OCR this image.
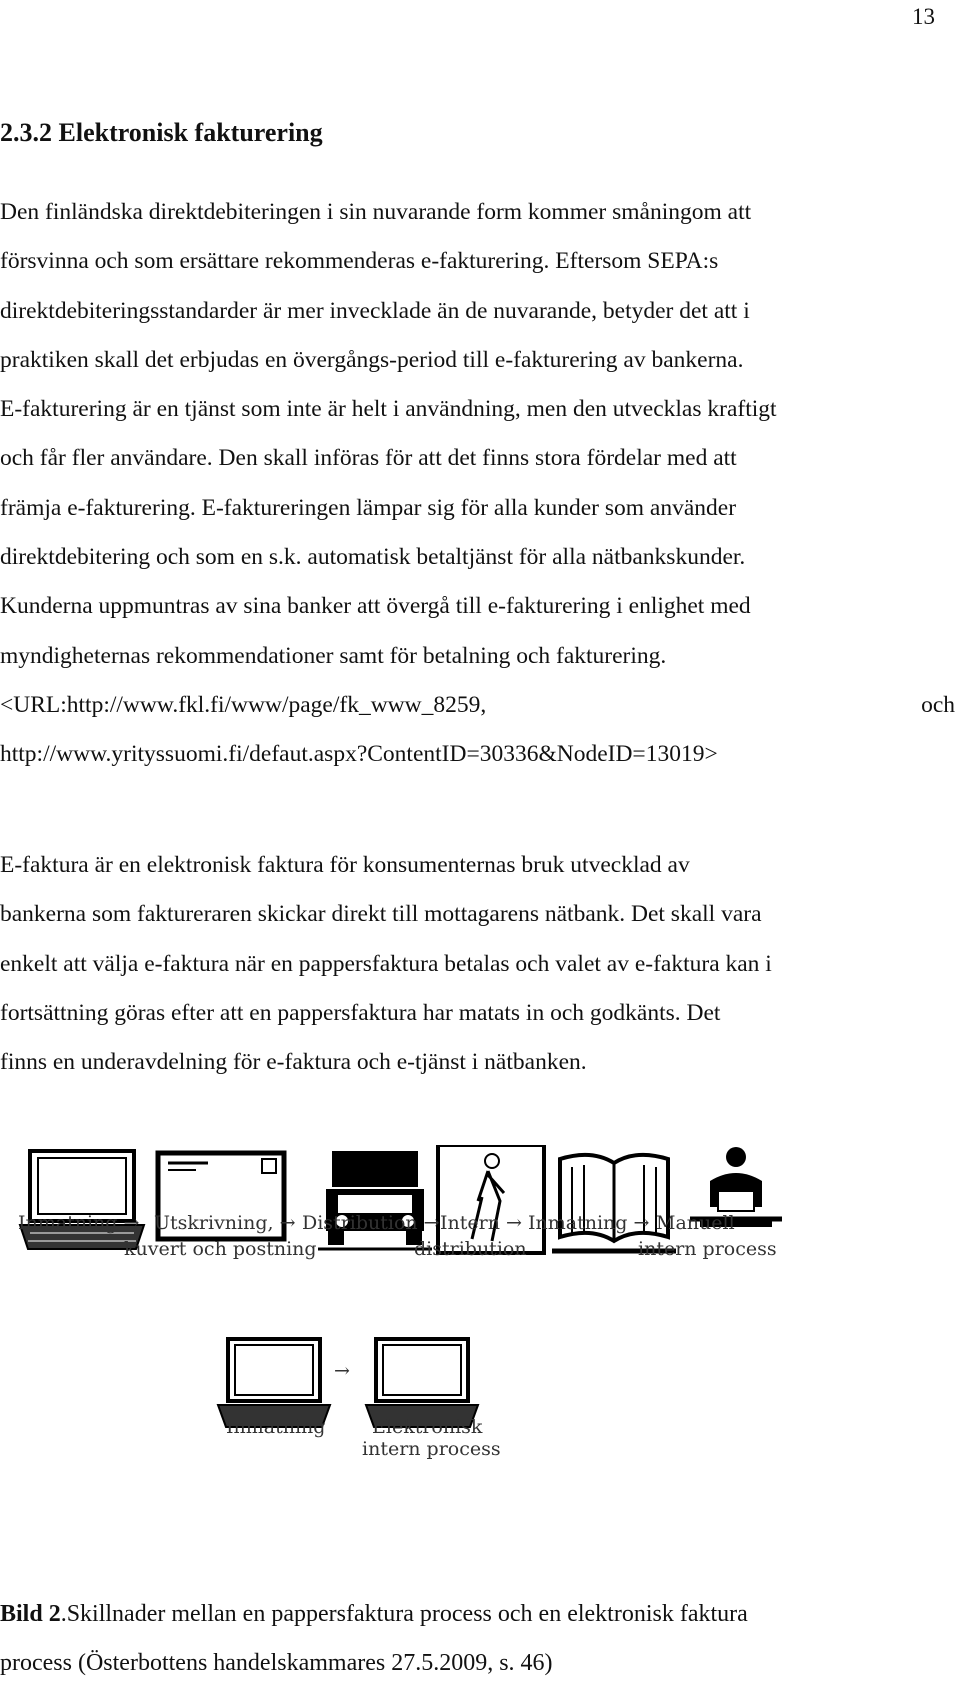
13
2.3.2 Elektronisk fakturering
Den finländska direktdebiteringen i sin nuvarande form kommer småningom att
försvinna och som ersättare rekommenderas e-fakturering. Eftersom SEPA:s
direktdebiteringsstandarder är mer invecklade än de nuvarande, betyder det att i
praktiken skall det erbjudas en övergångs-period till e-fakturering av bankerna.
E-fakturering är en tjänst som inte är helt i användning, men den utvecklas kraftigt
och får fler användare. Den skall införas för att det finns stora fördelar med att
främja e-fakturering. E-faktureringen lämpar sig för alla kunder som använder
direktdebitering och som en s.k. automatisk betaltjänst för alla nätbankskunder.
Kunderna uppmuntras av sina banker att övergå till e-fakturering i enlighet med
myndigheternas rekommendationer samt för betalning och fakturering.
<URL:http://www.fkl.fi/www/page/fk_www_8259,	och
http://www.yrityssuomi.fi/defaut.aspx?ContentID=30336&NodeID=13019>
E-faktura är en elektronisk faktura för konsumenternas bruk utvecklad av
bankerna som faktureraren skickar direkt till mottagarens nätbank. Det skall vara
enkelt att välja e-faktura när en pappersfaktura betalas och valet av e-faktura kan i
fortsättning göras efter att en pappersfaktura har matats in och godkänts. Det
finns en underavdelning för e-faktura och e-tjänst i nätbanken.
Inmatning → Utskrivning, →
kuvert och postning
Distribution → Intern →
distribution
Inmatning → Manuell
intern process
→
Inmatning Elektronisk
intern process
Bild 2.Skillnader mellan en pappersfaktura process och en elektronisk faktura
process (Österbottens handelskammares 27.5.2009, s. 46)
